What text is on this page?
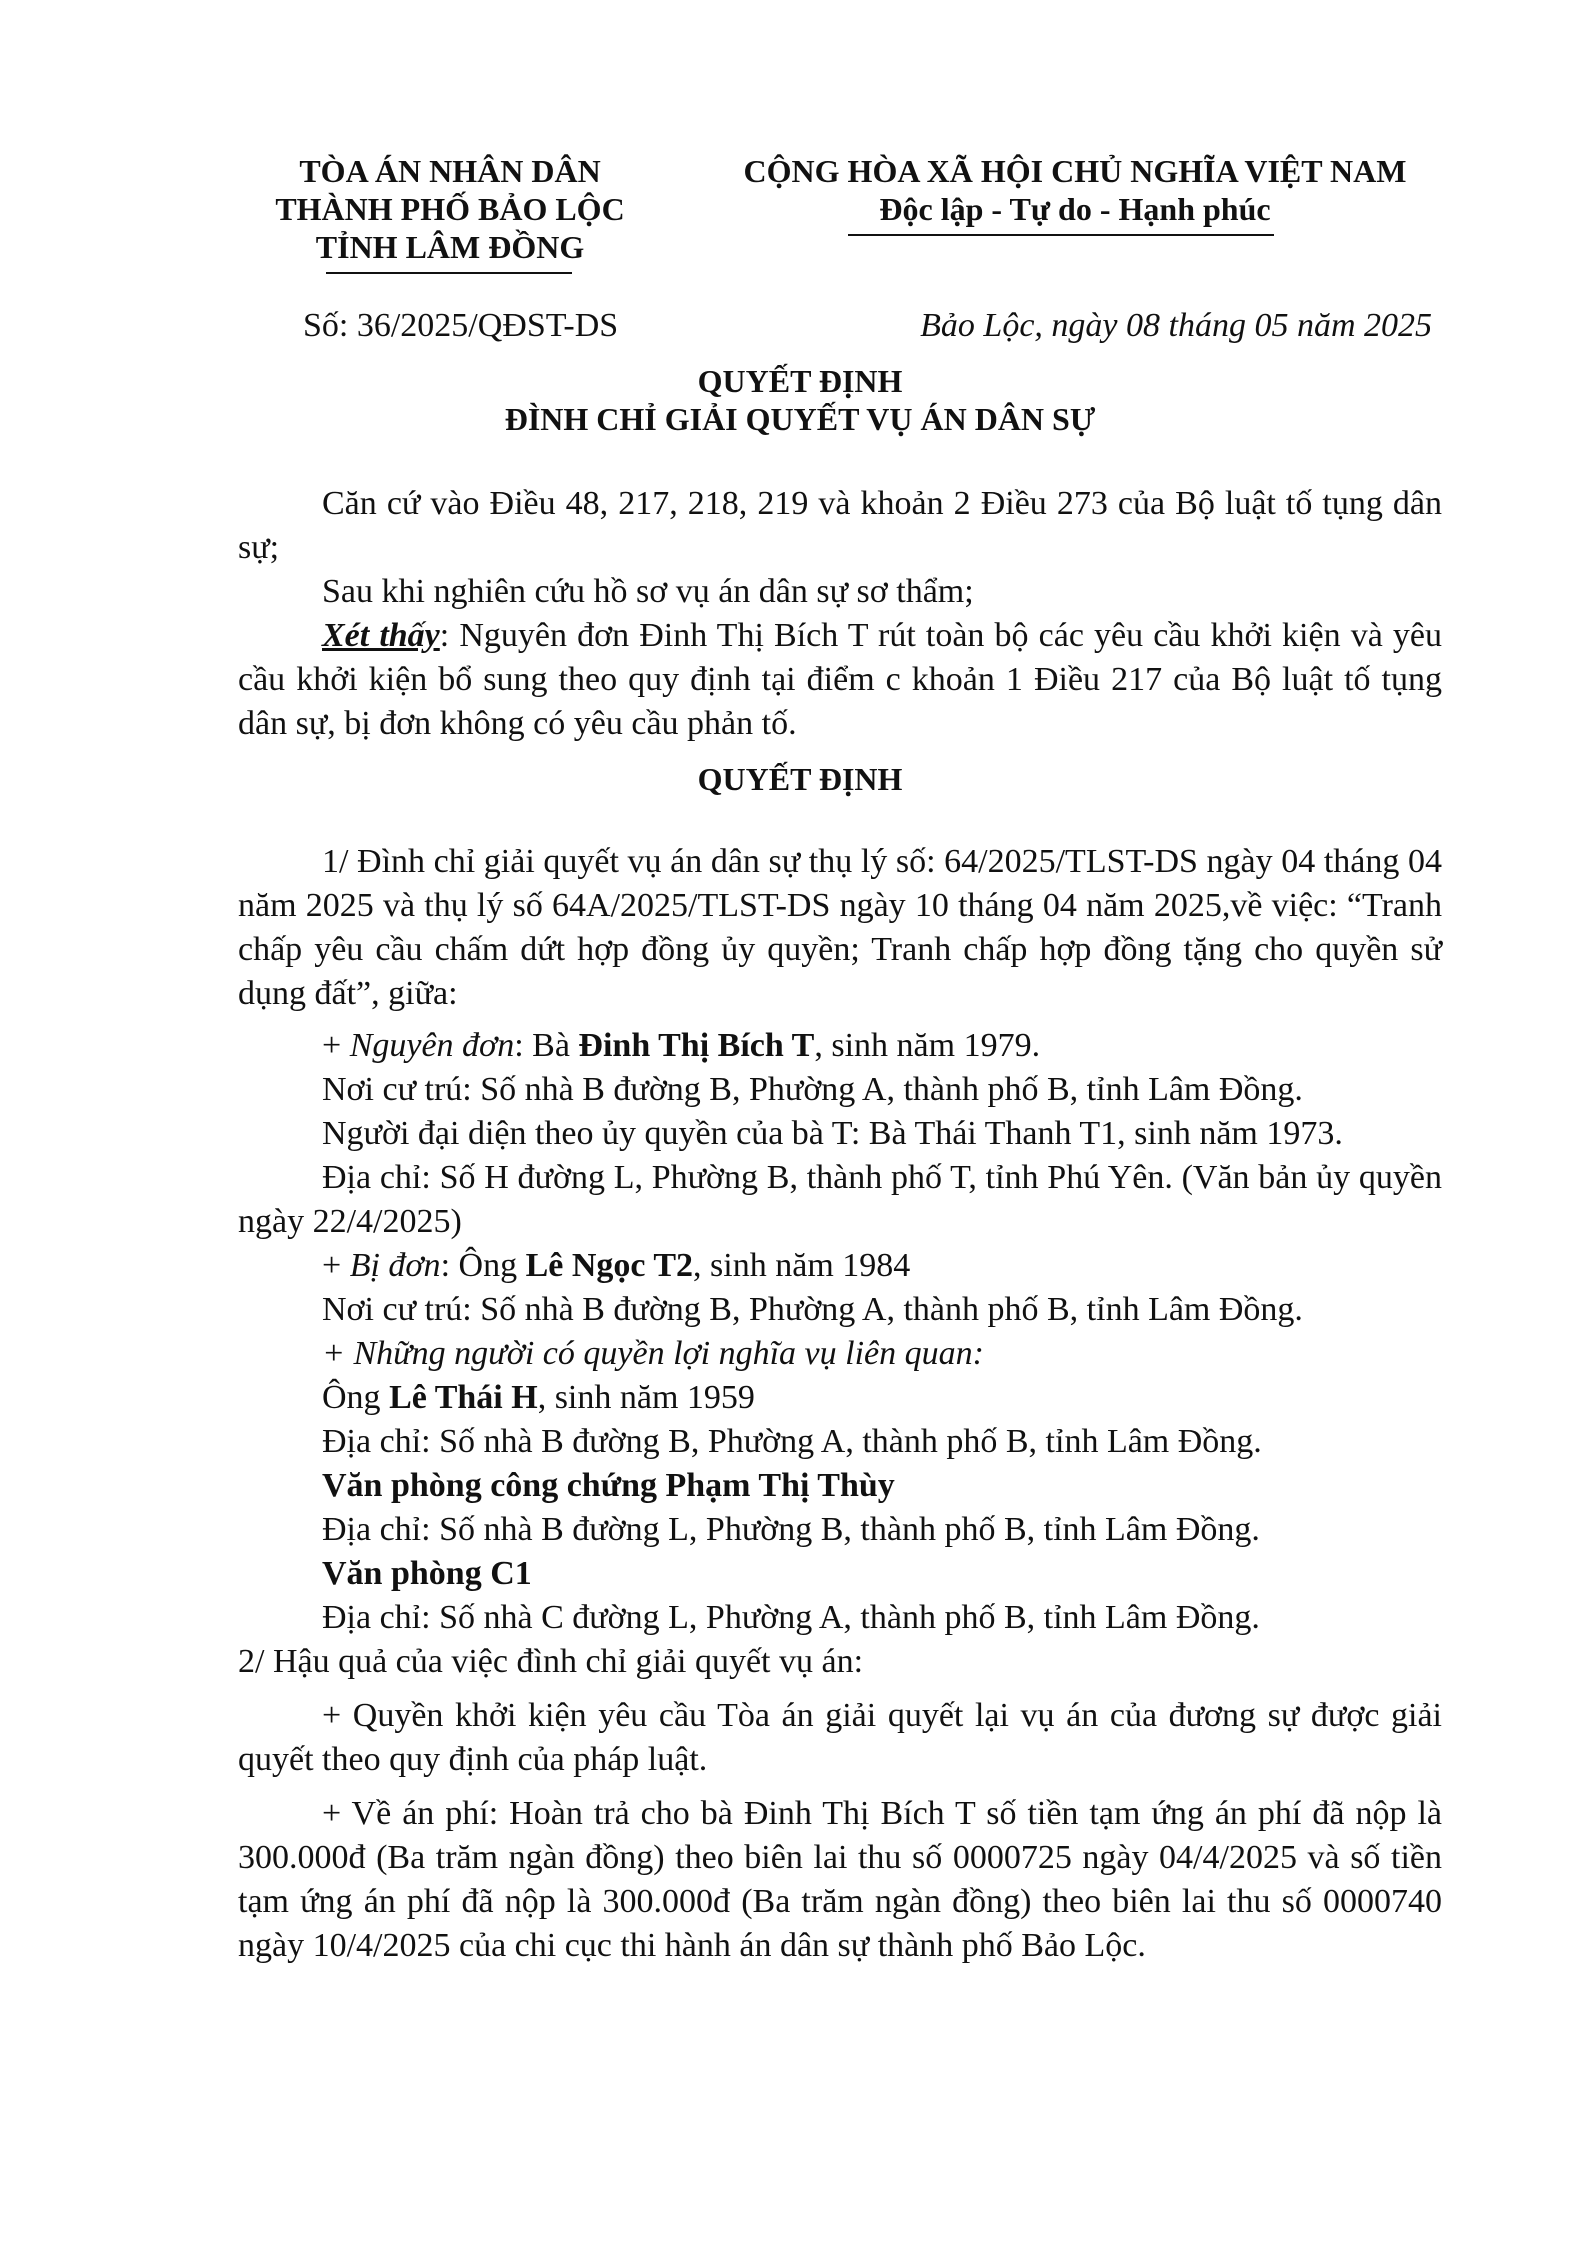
TÒA ÁN NHÂN DÂN
THÀNH PHỐ BẢO LỘC
TỈNH LÂM ĐỒNG
CỘNG HÒA XÃ HỘI CHỦ NGHĨA VIỆT NAM
Độc lập - Tự do - Hạnh phúc
Số: 36/2025/QĐST-DS	Bảo Lộc, ngày 08 tháng 05 năm 2025
QUYẾT ĐỊNH
ĐÌNH CHỈ GIẢI QUYẾT VỤ ÁN DÂN SỰ
Căn cứ vào Điều 48, 217, 218, 219 và khoản 2 Điều 273 của Bộ luật tố tụng dân sự;
Sau khi nghiên cứu hồ sơ vụ án dân sự sơ thẩm;
Xét thấy: Nguyên đơn Đinh Thị Bích T rút toàn bộ các yêu cầu khởi kiện và yêu cầu khởi kiện bổ sung theo quy định tại điểm c khoản 1 Điều 217 của Bộ luật tố tụng dân sự, bị đơn không có yêu cầu phản tố.
QUYẾT ĐỊNH
1/ Đình chỉ giải quyết vụ án dân sự thụ lý số: 64/2025/TLST-DS ngày 04 tháng 04 năm 2025 và thụ lý số 64A/2025/TLST-DS ngày 10 tháng 04 năm 2025,về việc: “Tranh chấp yêu cầu chấm dứt hợp đồng ủy quyền; Tranh chấp hợp đồng tặng cho quyền sử dụng đất”, giữa:
+ Nguyên đơn: Bà Đinh Thị Bích T, sinh năm 1979.
Nơi cư trú: Số nhà B đường B, Phường A, thành phố B, tỉnh Lâm Đồng.
Người đại diện theo ủy quyền của bà T: Bà Thái Thanh T1, sinh năm 1973.
Địa chỉ: Số H đường L, Phường B, thành phố T, tỉnh Phú Yên. (Văn bản ủy quyền ngày 22/4/2025)
+ Bị đơn: Ông Lê Ngọc T2, sinh năm 1984
Nơi cư trú: Số nhà B đường B, Phường A, thành phố B, tỉnh Lâm Đồng.
+ Những người có quyền lợi nghĩa vụ liên quan:
Ông Lê Thái H, sinh năm 1959
Địa chỉ: Số nhà B đường B, Phường A, thành phố B, tỉnh Lâm Đồng.
Văn phòng công chứng Phạm Thị Thùy
Địa chỉ: Số nhà B đường L, Phường B, thành phố B, tỉnh Lâm Đồng.
Văn phòng C1
Địa chỉ: Số nhà C đường L, Phường A, thành phố B, tỉnh Lâm Đồng.
2/ Hậu quả của việc đình chỉ giải quyết vụ án:
+ Quyền khởi kiện yêu cầu Tòa án giải quyết lại vụ án của đương sự được giải quyết theo quy định của pháp luật.
+ Về án phí: Hoàn trả cho bà Đinh Thị Bích T số tiền tạm ứng án phí đã nộp là 300.000đ (Ba trăm ngàn đồng) theo biên lai thu số 0000725 ngày 04/4/2025 và số tiền tạm ứng án phí đã nộp là 300.000đ (Ba trăm ngàn đồng) theo biên lai thu số 0000740 ngày 10/4/2025 của chi cục thi hành án dân sự thành phố Bảo Lộc.
